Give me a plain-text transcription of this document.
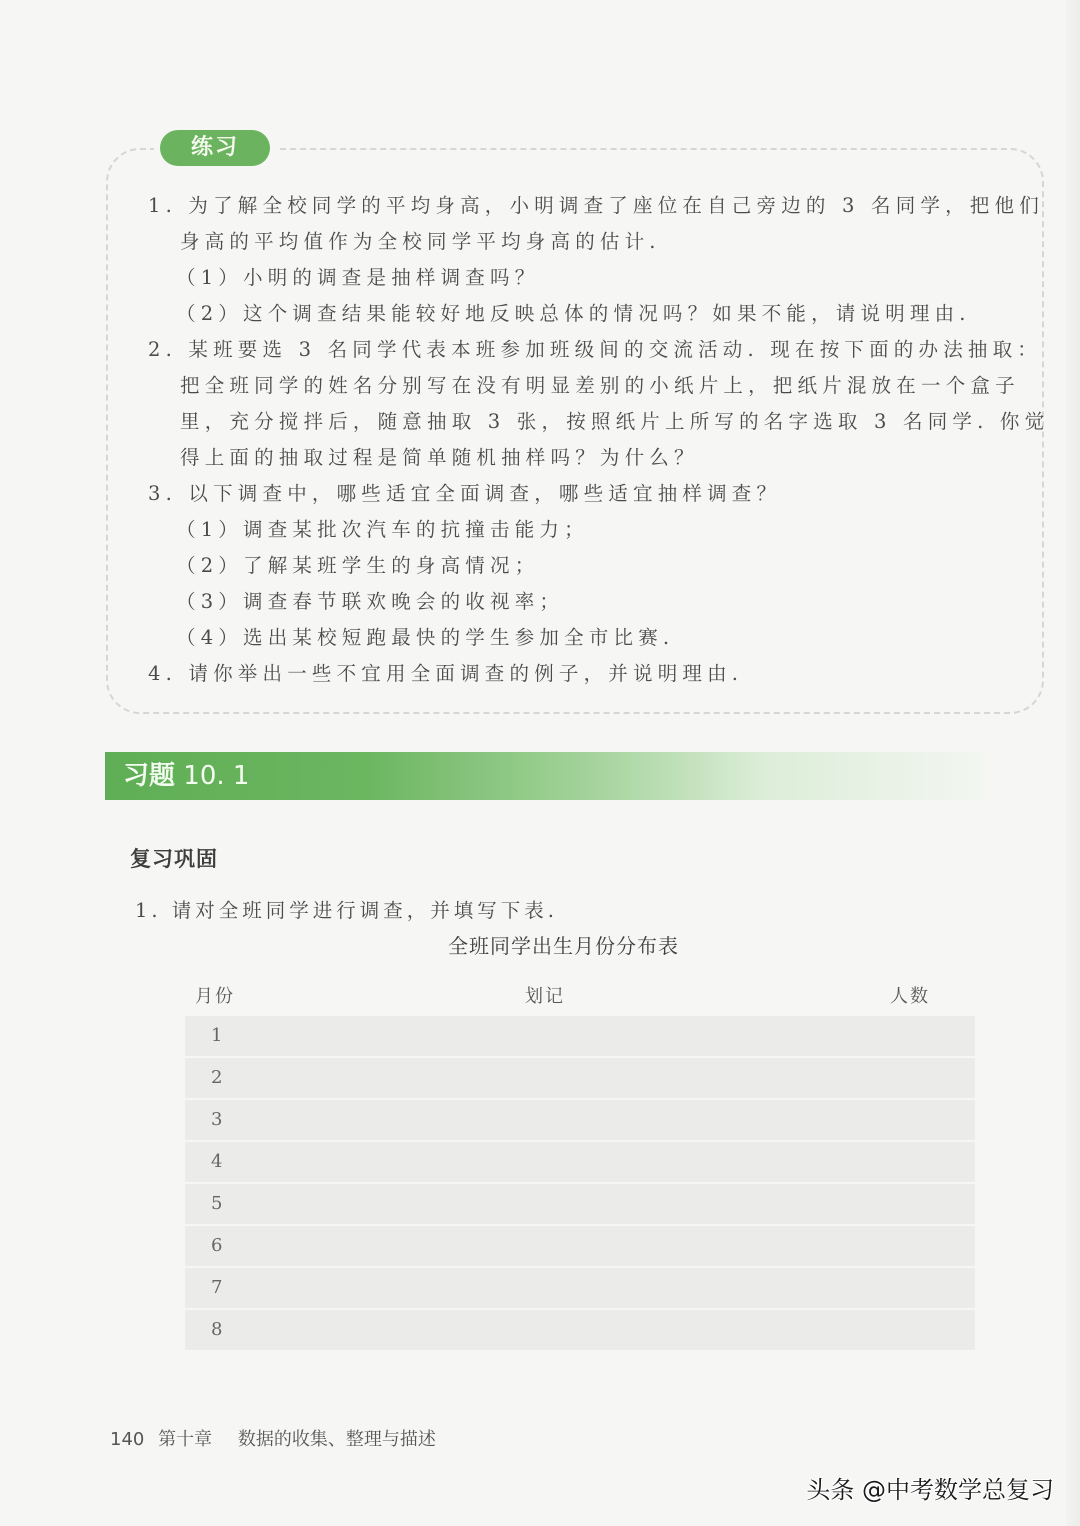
练习
1. 为了解全校同学的平均身高，小明调查了座位在自己旁边的 3 名同学，把他们
身高的平均值作为全校同学平均身高的估计.
（1）小明的调查是抽样调查吗？
（2）这个调查结果能较好地反映总体的情况吗？如果不能，请说明理由.
2. 某班要选 3 名同学代表本班参加班级间的交流活动. 现在按下面的办法抽取：
把全班同学的姓名分别写在没有明显差别的小纸片上，把纸片混放在一个盒子
里，充分搅拌后，随意抽取 3 张，按照纸片上所写的名字选取 3 名同学. 你觉
得上面的抽取过程是简单随机抽样吗？为什么？
3. 以下调查中，哪些适宜全面调查，哪些适宜抽样调查？
（1）调查某批次汽车的抗撞击能力；
（2）了解某班学生的身高情况；
（3）调查春节联欢晚会的收视率；
（4）选出某校短跑最快的学生参加全市比赛.
4. 请你举出一些不宜用全面调查的例子，并说明理由.
习题 10. 1
复习巩固
1. 请对全班同学进行调查，并填写下表.
全班同学出生月份分布表
月份	划记	人数
1
2
3
4
5
6
7
8
140 第十章 数据的收集、整理与描述
头条 @中考数学总复习
